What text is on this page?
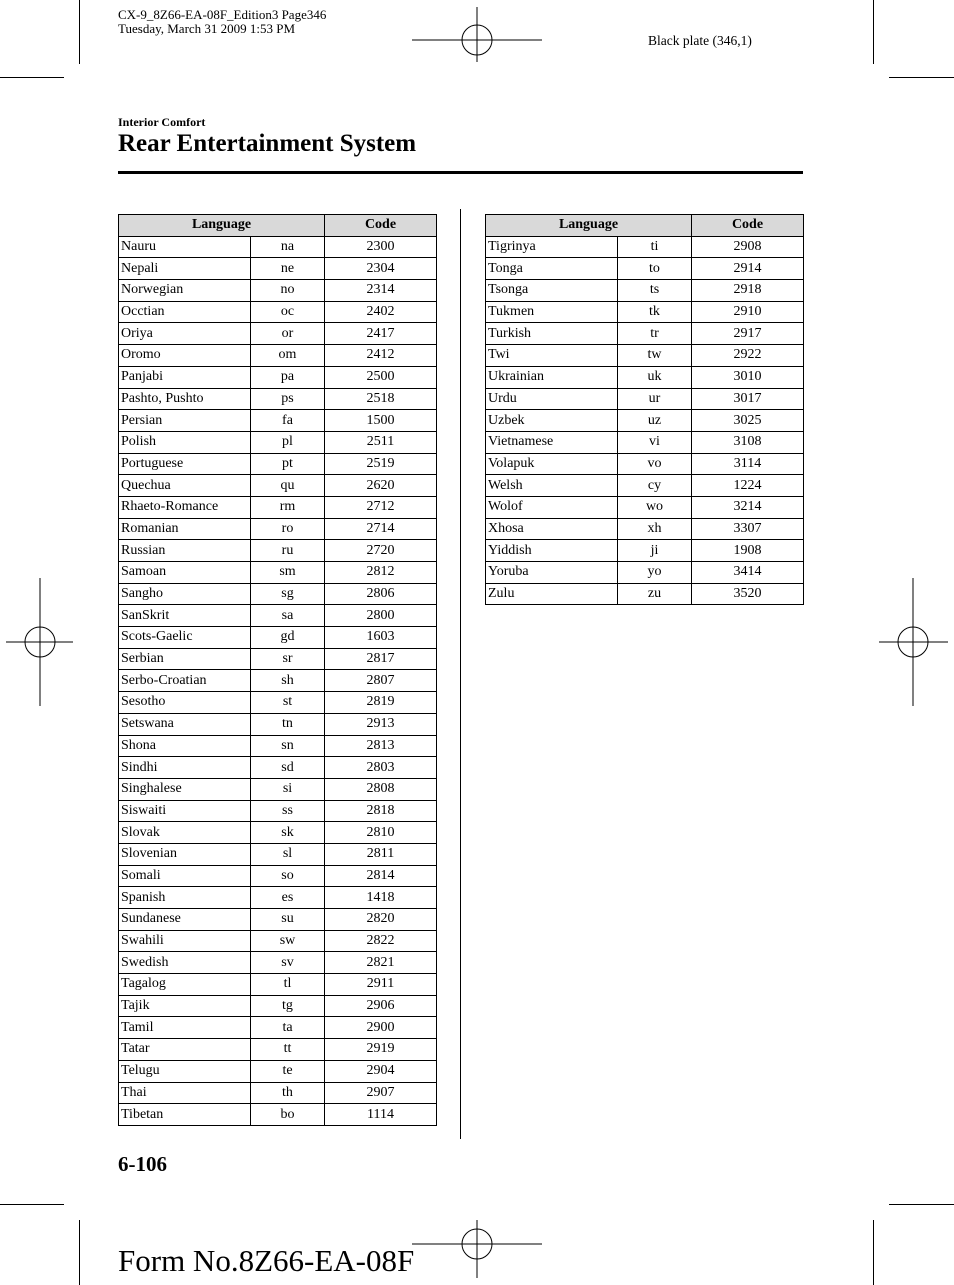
CX-9_8Z66-EA-08F_Edition3 Page346
Tuesday, March 31 2009 1:53 PM
Black plate (346,1)
Interior Comfort
Rear Entertainment System
Language		Code
Nauru	na	2300
Nepali	ne	2304
Norwegian	no	2314
Occtian	oc	2402
Oriya	or	2417
Oromo	om	2412
Panjabi	pa	2500
Pashto, Pushto	ps	2518
Persian	fa	1500
Polish	pl	2511
Portuguese	pt	2519
Quechua	qu	2620
Rhaeto-Romance	rm	2712
Romanian	ro	2714
Russian	ru	2720
Samoan	sm	2812
Sangho	sg	2806
SanSkrit	sa	2800
Scots-Gaelic	gd	1603
Serbian	sr	2817
Serbo-Croatian	sh	2807
Sesotho	st	2819
Setswana	tn	2913
Shona	sn	2813
Sindhi	sd	2803
Singhalese	si	2808
Siswaiti	ss	2818
Slovak	sk	2810
Slovenian	sl	2811
Somali	so	2814
Spanish	es	1418
Sundanese	su	2820
Swahili	sw	2822
Swedish	sv	2821
Tagalog	tl	2911
Tajik	tg	2906
Tamil	ta	2900
Tatar	tt	2919
Telugu	te	2904
Thai	th	2907
Tibetan	bo	1114
Language		Code
Tigrinya	ti	2908
Tonga	to	2914
Tsonga	ts	2918
Tukmen	tk	2910
Turkish	tr	2917
Twi	tw	2922
Ukrainian	uk	3010
Urdu	ur	3017
Uzbek	uz	3025
Vietnamese	vi	3108
Volapuk	vo	3114
Welsh	cy	1224
Wolof	wo	3214
Xhosa	xh	3307
Yiddish	ji	1908
Yoruba	yo	3414
Zulu	zu	3520
6-106
Form No.8Z66-EA-08F
